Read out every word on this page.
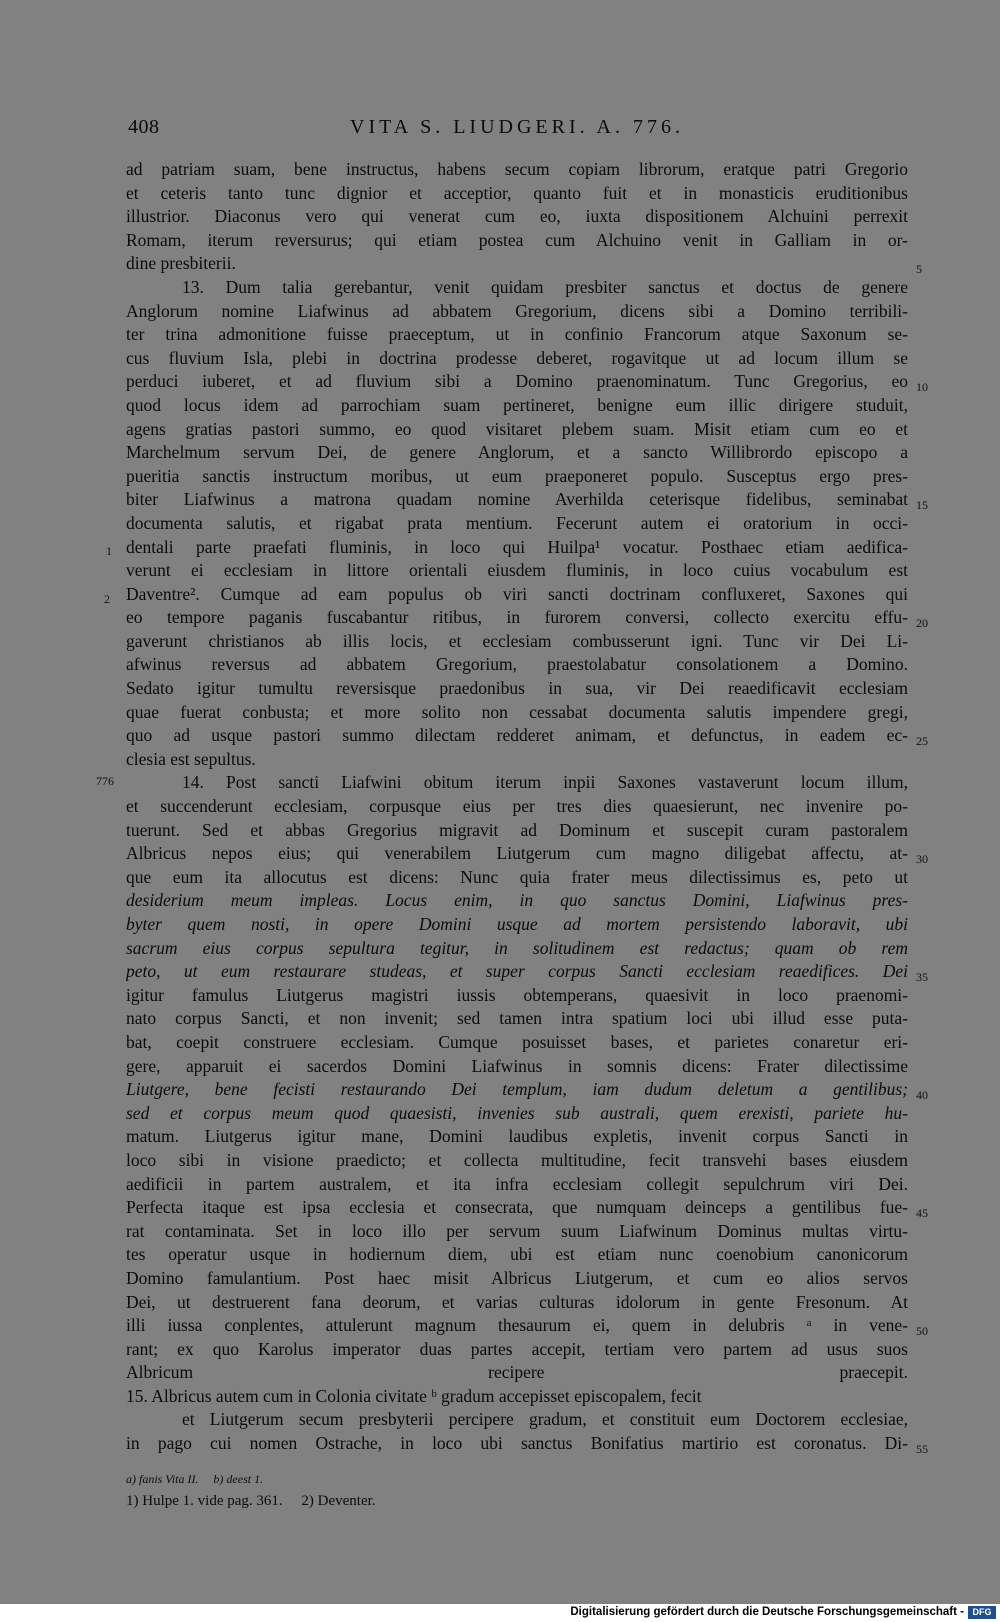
408	VITA S. LIUDGERI. A. 776.
ad patriam suam, bene instructus, habens secum copiam librorum, eratque patri Gregorio
et ceteris tanto tunc dignior et acceptior, quanto fuit et in monasticis eruditionibus
illustrior. Diaconus vero qui venerat cum eo, iuxta dispositionem Alchuini perrexit
Romam, iterum reversurus; qui etiam postea cum Alchuino venit in Galliam in or-
dine presbiterii.
13. Dum talia gerebantur, venit quidam presbiter sanctus et doctus de genere
Anglorum nomine Liafwinus ad abbatem Gregorium, dicens sibi a Domino terribili-
ter trina admonitione fuisse praeceptum, ut in confinio Francorum atque Saxonum se-
cus fluvium Isla, plebi in doctrina prodesse deberet, rogavitque ut ad locum illum se
perduci iuberet, et ad fluvium sibi a Domino praenominatum. Tunc Gregorius, eo
quod locus idem ad parrochiam suam pertineret, benigne eum illic dirigere studuit,
agens gratias pastori summo, eo quod visitaret plebem suam. Misit etiam cum eo et
Marchelmum servum Dei, de genere Anglorum, et a sancto Willibrordo episcopo a
pueritia sanctis instructum moribus, ut eum praeponeret populo. Susceptus ergo pres-
biter Liafwinus a matrona quadam nomine Averhilda ceterisque fidelibus, seminabat
documenta salutis, et rigabat prata mentium. Fecerunt autem ei oratorium in occi-
dentali parte praefati fluminis, in loco qui Huilpa¹ vocatur. Posthaec etiam aedifica-
verunt ei ecclesiam in littore orientali eiusdem fluminis, in loco cuius vocabulum est
Daventre². Cumque ad eam populus ob viri sancti doctrinam confluxeret, Saxones qui
eo tempore paganis fuscabantur ritibus, in furorem conversi, collecto exercitu effu-
gaverunt christianos ab illis locis, et ecclesiam combusserunt igni. Tunc vir Dei Li-
afwinus reversus ad abbatem Gregorium, praestolabatur consolationem a Domino.
Sedato igitur tumultu reversisque praedonibus in sua, vir Dei reaedificavit ecclesiam
quae fuerat conbusta; et more solito non cessabat documenta salutis impendere gregi,
quo ad usque pastori summo dilectam redderet animam, et defunctus, in eadem ec-
clesia est sepultus.
14. Post sancti Liafwini obitum iterum inpii Saxones vastaverunt locum illum,
et succenderunt ecclesiam, corpusque eius per tres dies quaesierunt, nec invenire po-
tuerunt. Sed et abbas Gregorius migravit ad Dominum et suscepit curam pastoralem
Albricus nepos eius; qui venerabilem Liutgerum cum magno diligebat affectu, at-
que eum ita allocutus est dicens: Nunc quia frater meus dilectissimus es, peto ut
desiderium meum impleas. Locus enim, in quo sanctus Domini, Liafwinus pres-
byter quem nosti, in opere Domini usque ad mortem persistendo laboravit, ubi
sacrum eius corpus sepultura tegitur, in solitudinem est redactus; quam ob rem
peto, ut eum restaurare studeas, et super corpus Sancti ecclesiam reaedifices. Dei
igitur famulus Liutgerus magistri iussis obtemperans, quaesivit in loco praenomi-
nato corpus Sancti, et non invenit; sed tamen intra spatium loci ubi illud esse puta-
bat, coepit construere ecclesiam. Cumque posuisset bases, et parietes conaretur eri-
gere, apparuit ei sacerdos Domini Liafwinus in somnis dicens: Frater dilectissime
Liutgere, bene fecisti restaurando Dei templum, iam dudum deletum a gentilibus;
sed et corpus meum quod quaesisti, invenies sub australi, quem erexisti, pariete hu-
matum. Liutgerus igitur mane, Domini laudibus expletis, invenit corpus Sancti in
loco sibi in visione praedicto; et collecta multitudine, fecit transvehi bases eiusdem
aedificii in partem australem, et ita infra ecclesiam collegit sepulchrum viri Dei.
Perfecta itaque est ipsa ecclesia et consecrata, que numquam deinceps a gentilibus fue-
rat contaminata. Set in loco illo per servum suum Liafwinum Dominus multas virtu-
tes operatur usque in hodiernum diem, ubi est etiam nunc coenobium canonicorum
Domino famulantium. Post haec misit Albricus Liutgerum, et cum eo alios servos
Dei, ut destruerent fana deorum, et varias culturas idolorum in gente Fresonum. At
illi iussa conplentes, attulerunt magnum thesaurum ei, quem in delubris ᵃ in vene-
rant; ex quo Karolus imperator duas partes accepit, tertiam vero partem ad usus suos
Albricum recipere praecepit.
15. Albricus autem cum in Colonia civitate ᵇ gradum accepisset episcopalem, fecit
et Liutgerum secum presbyterii percipere gradum, et constituit eum Doctorem ecclesiae,
in pago cui nomen Ostrache, in loco ubi sanctus Bonifatius martirio est coronatus. Di-
5
10
15
20
25
30
35
40
45
50
55
1
2
776
a) fanis Vita II.     b) deest 1.
1) Hulpe 1. vide pag. 361.     2) Deventer.
Digitalisierung gefördert durch die Deutsche Forschungsgemeinschaft - DFG
